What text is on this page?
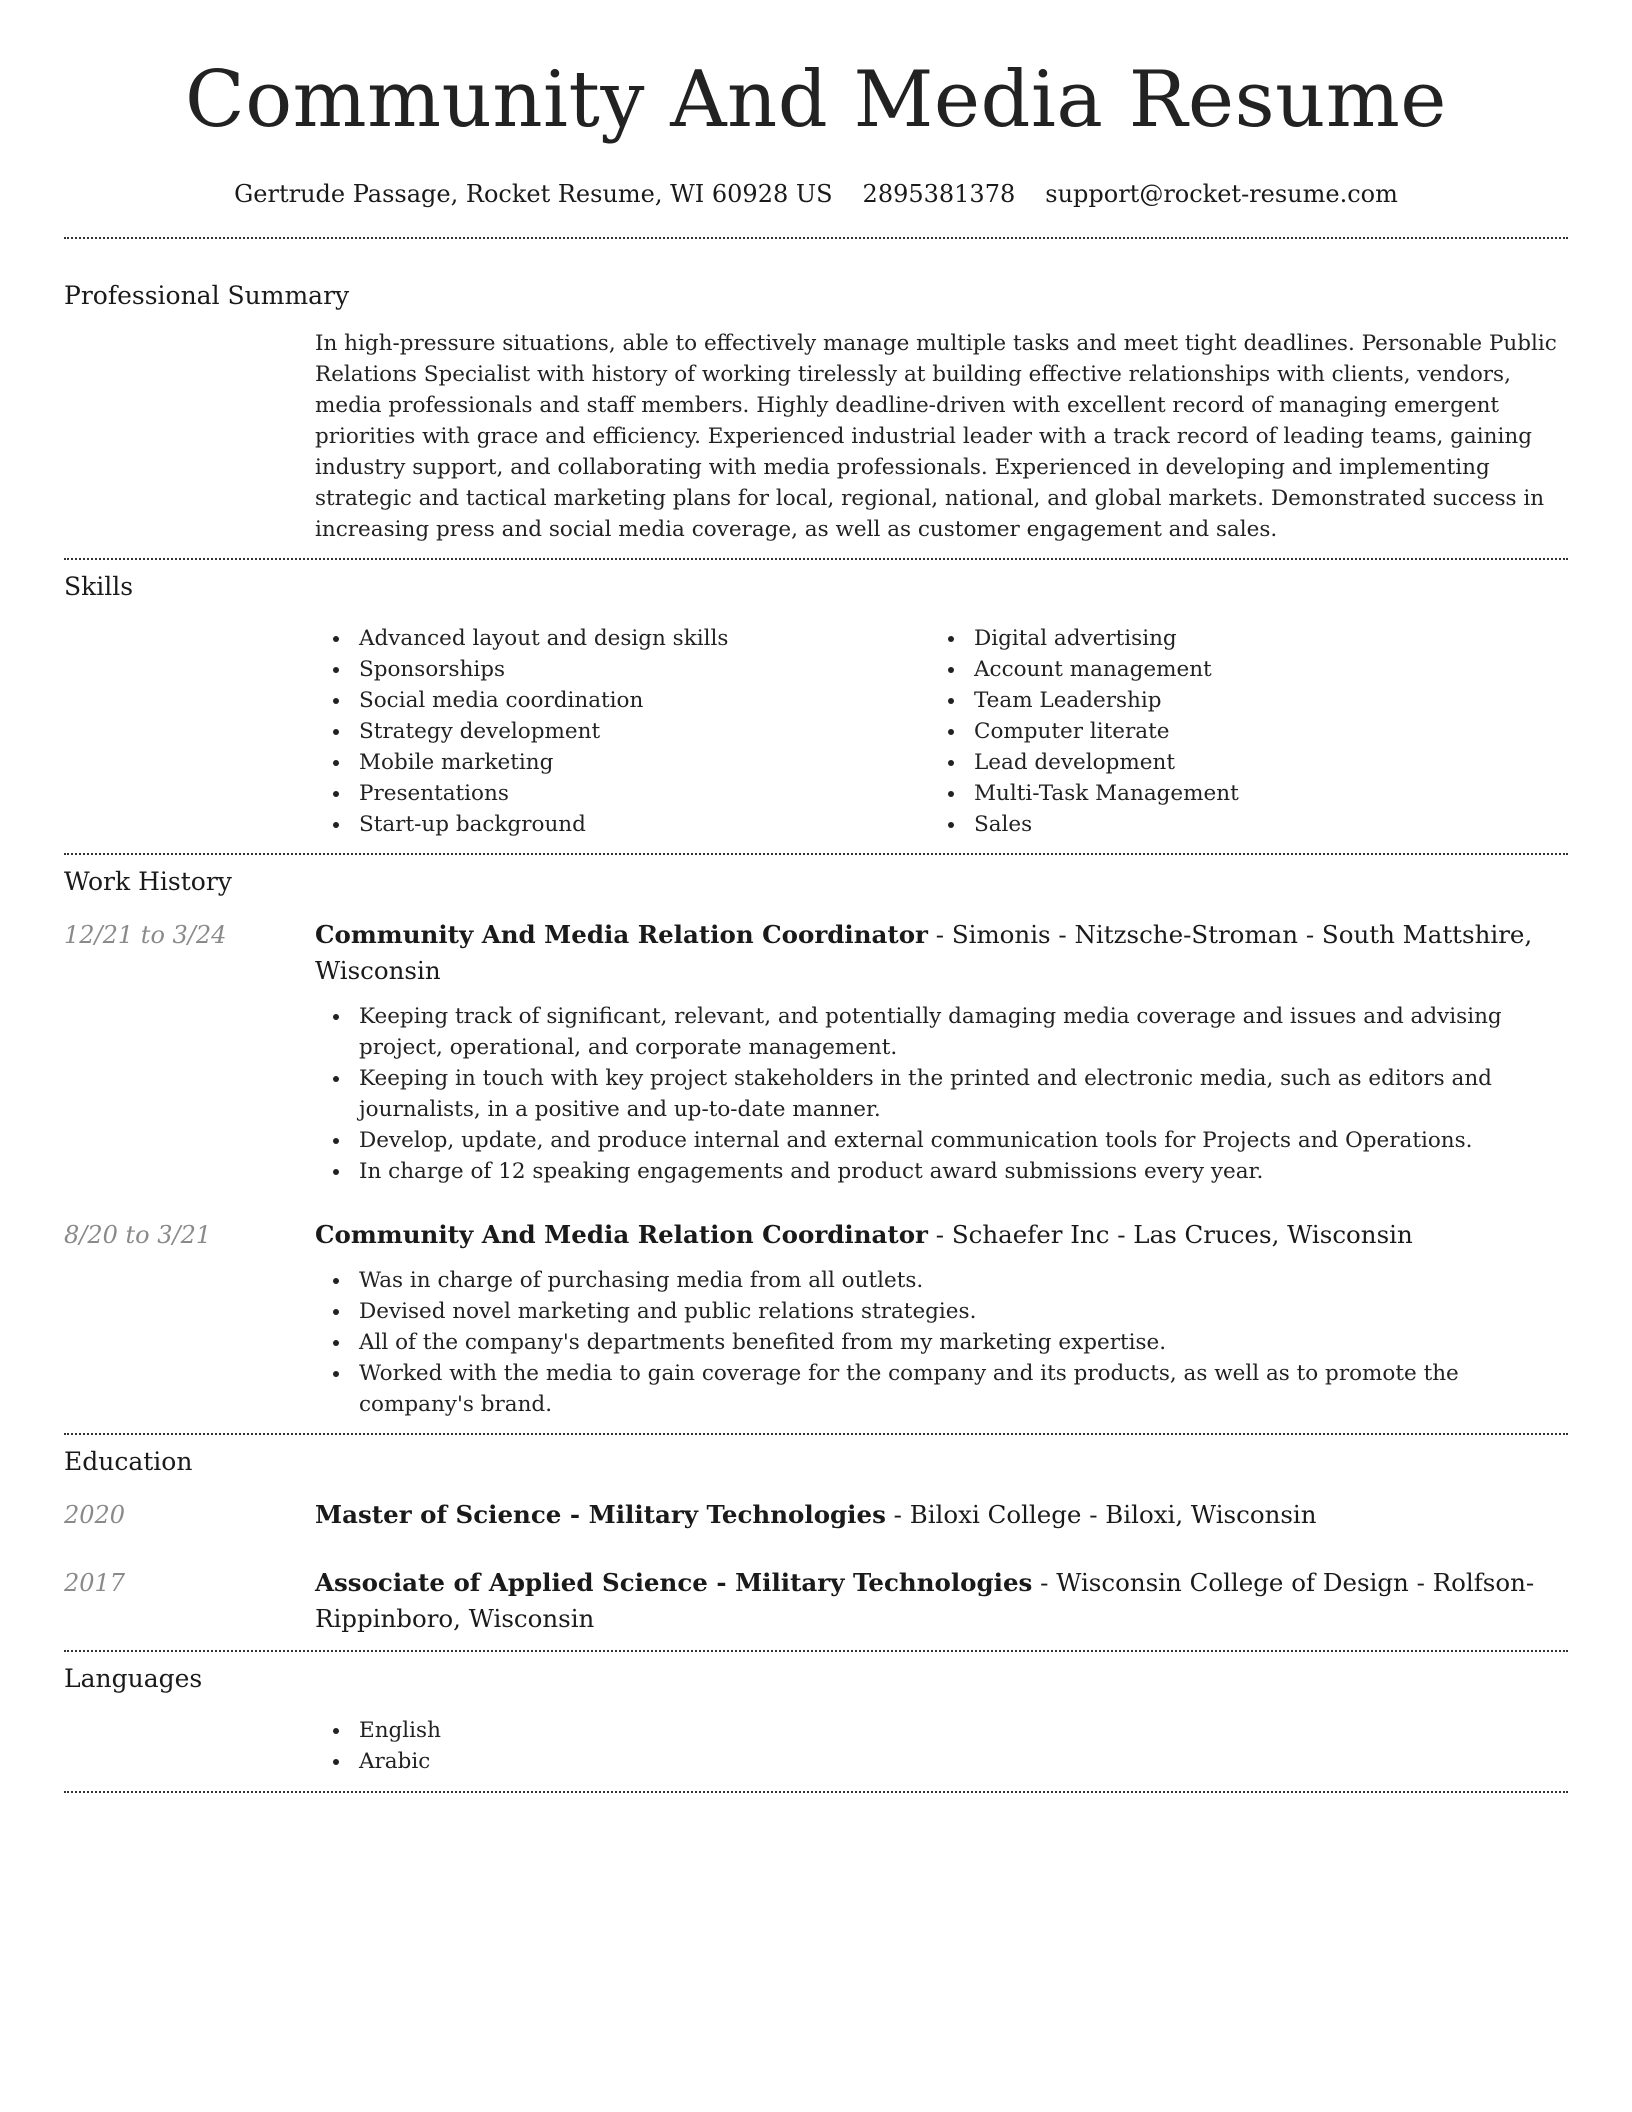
Community And Media Resume
Gertrude Passage, Rocket Resume, WI 60928 US 2895381378 support@rocket-resume.com
Professional Summary

In high-pressure situations, able to effectively manage multiple tasks and meet tight deadlines. Personable Public Relations Specialist with history of working tirelessly at building effective relationships with clients, vendors, media professionals and staff members. Highly deadline-driven with excellent record of managing emergent priorities with grace and efficiency. Experienced industrial leader with a track record of leading teams, gaining industry support, and collaborating with media professionals. Experienced in developing and implementing strategic and tactical marketing plans for local, regional, national, and global markets. Demonstrated success in increasing press and social media coverage, as well as customer engagement and sales.

Skills
Advanced layout and design skills
Sponsorships
Social media coordination
Strategy development
Mobile marketing
Presentations
Start-up background
Digital advertising
Account management
Team Leadership
Computer literate
Lead development
Multi-Task Management
Sales
Work History
12/21 to 3/24	Community And Media Relation Coordinator - Simonis - Nitzsche-Stroman - South Mattshire, Wisconsin

Keeping track of significant, relevant, and potentially damaging media coverage and issues and advising project, operational, and corporate management.
Keeping in touch with key project stakeholders in the printed and electronic media, such as editors and journalists, in a positive and up-to-date manner.
Develop, update, and produce internal and external communication tools for Projects and Operations.
In charge of 12 speaking engagements and product award submissions every year.
8/20 to 3/21	Community And Media Relation Coordinator - Schaefer Inc - Las Cruces, Wisconsin

Was in charge of purchasing media from all outlets.
Devised novel marketing and public relations strategies.
All of the company's departments benefited from my marketing expertise.
Worked with the media to gain coverage for the company and its products, as well as to promote the company's brand.
Education
2020	Master of Science - Military Technologies - Biloxi College - Biloxi, Wisconsin

2017	Associate of Applied Science - Military Technologies - Wisconsin College of Design - Rolfson-Rippinboro, Wisconsin

Languages
English
Arabic
